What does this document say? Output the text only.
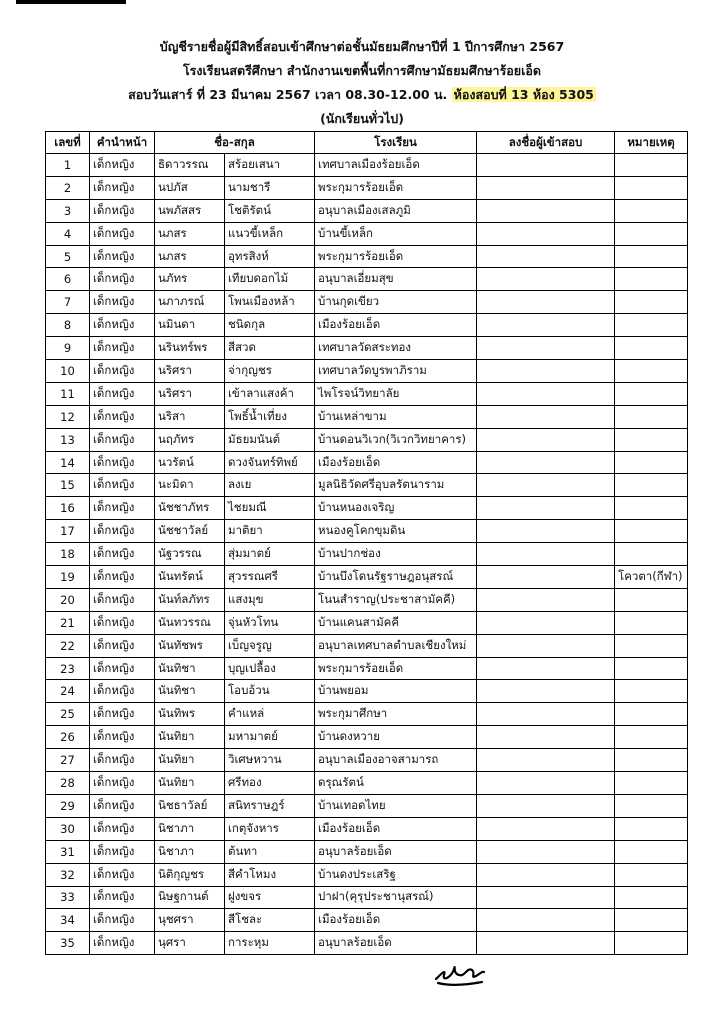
บัญชีรายชื่อผู้มีสิทธิ์สอบเข้าศึกษาต่อชั้นมัธยมศึกษาปีที่ 1 ปีการศึกษา 2567
โรงเรียนสตรีศึกษา สำนักงานเขตพื้นที่การศึกษามัธยมศึกษาร้อยเอ็ด
สอบวันเสาร์ ที่ 23 มีนาคม 2567 เวลา 08.30-12.00 น. ห้องสอบที่ 13 ห้อง 5305
(นักเรียนทั่วไป)
เลขที่	คำนำหน้า	ชื่อ-สกุล		โรงเรียน	ลงชื่อผู้เข้าสอบ	หมายเหตุ
1	เด็กหญิง	ธิดาวรรณ	สร้อยเสนา	เทศบาลเมืองร้อยเอ็ด		
2	เด็กหญิง	นปภัส	นามชารี	พระกุมารร้อยเอ็ด		
3	เด็กหญิง	นพภัสสร	โชติรัตน์	อนุบาลเมืองเสลภูมิ		
4	เด็กหญิง	นภสร	แนวขี้เหล็ก	บ้านขี้เหล็ก		
5	เด็กหญิง	นภสร	อุทรสิงห์	พระกุมารร้อยเอ็ด		
6	เด็กหญิง	นภัทร	เทียบดอกไม้	อนุบาลเอี่ยมสุข		
7	เด็กหญิง	นภาภรณ์	โพนเมืองหล้า	บ้านกุดเขียว		
8	เด็กหญิง	นมินดา	ชนิดกุล	เมืองร้อยเอ็ด		
9	เด็กหญิง	นรินทร์พร	สีสวด	เทศบาลวัดสระทอง		
10	เด็กหญิง	นริศรา	จ่ากุญชร	เทศบาลวัดบูรพาภิราม		
11	เด็กหญิง	นริศรา	เข้าลาแสงค้า	ไพโรจน์วิทยาลัย		
12	เด็กหญิง	นริสา	โพธิ์น้ำเที่ยง	บ้านเหล่าขาม		
13	เด็กหญิง	นฤภัทร	มัธยมนันต์	บ้านดอนวิเวก(วิเวกวิทยาคาร)		
14	เด็กหญิง	นวรัตน์	ดวงจันทร์ทิพย์	เมืองร้อยเอ็ด		
15	เด็กหญิง	นะมิดา	ลงเย	มูลนิธิวัดศรีอุบลรัตนาราม		
16	เด็กหญิง	นัชชาภัทร	ไชยมณี	บ้านหนองเจริญ		
17	เด็กหญิง	นัชชาวัลย์	มาติยา	หนองคูโคกขุมดิน		
18	เด็กหญิง	นัฐวรรณ	สุ่มมาตย์	บ้านปากช่อง		
19	เด็กหญิง	นันทรัตน์	สุวรรณศรี	บ้านบึงโดนรัฐราษฎอนุสรณ์		โควตา(กีฬา)
20	เด็กหญิง	นันท์ลภัทร	แสงมุข	โนนสำราญ(ประชาสามัคคี)		
21	เด็กหญิง	นันทวรรณ	จุ่นหัวโทน	บ้านแคนสามัคคี		
22	เด็กหญิง	นันทัชพร	เบ็ญจรูญ	อนุบาลเทศบาลตำบลเชียงใหม่		
23	เด็กหญิง	นันทิชา	บุญเปลื้อง	พระกุมารร้อยเอ็ด		
24	เด็กหญิง	นันทิชา	โอบอ้วน	บ้านพยอม		
25	เด็กหญิง	นันทิพร	คำแหล่	พระกุมาศึกษา		
26	เด็กหญิง	นันทิยา	มหามาตย์	บ้านดงหวาย		
27	เด็กหญิง	นันทิยา	วิเศษหวาน	อนุบาลเมืองอาจสามารถ		
28	เด็กหญิง	นันทิยา	ศรีทอง	ดรุณรัตน์		
29	เด็กหญิง	นิชธาวัลย์	สนิทราษฎร์	บ้านเทอดไทย		
30	เด็กหญิง	นิชาภา	เกตุจังหาร	เมืองร้อยเอ็ด		
31	เด็กหญิง	นิชาภา	ต้นทา	อนุบาลร้อยเอ็ด		
32	เด็กหญิง	นิติกุญชร	สีคำโหมง	บ้านดงประเสริฐ		
33	เด็กหญิง	นิษฐกานต์	ฝูงขจร	ปาฝา(คุรุประชานุสรณ์)		
34	เด็กหญิง	นุชศรา	สีโชละ	เมืองร้อยเอ็ด		
35	เด็กหญิง	นุศรา	การะหุม	อนุบาลร้อยเอ็ด		
